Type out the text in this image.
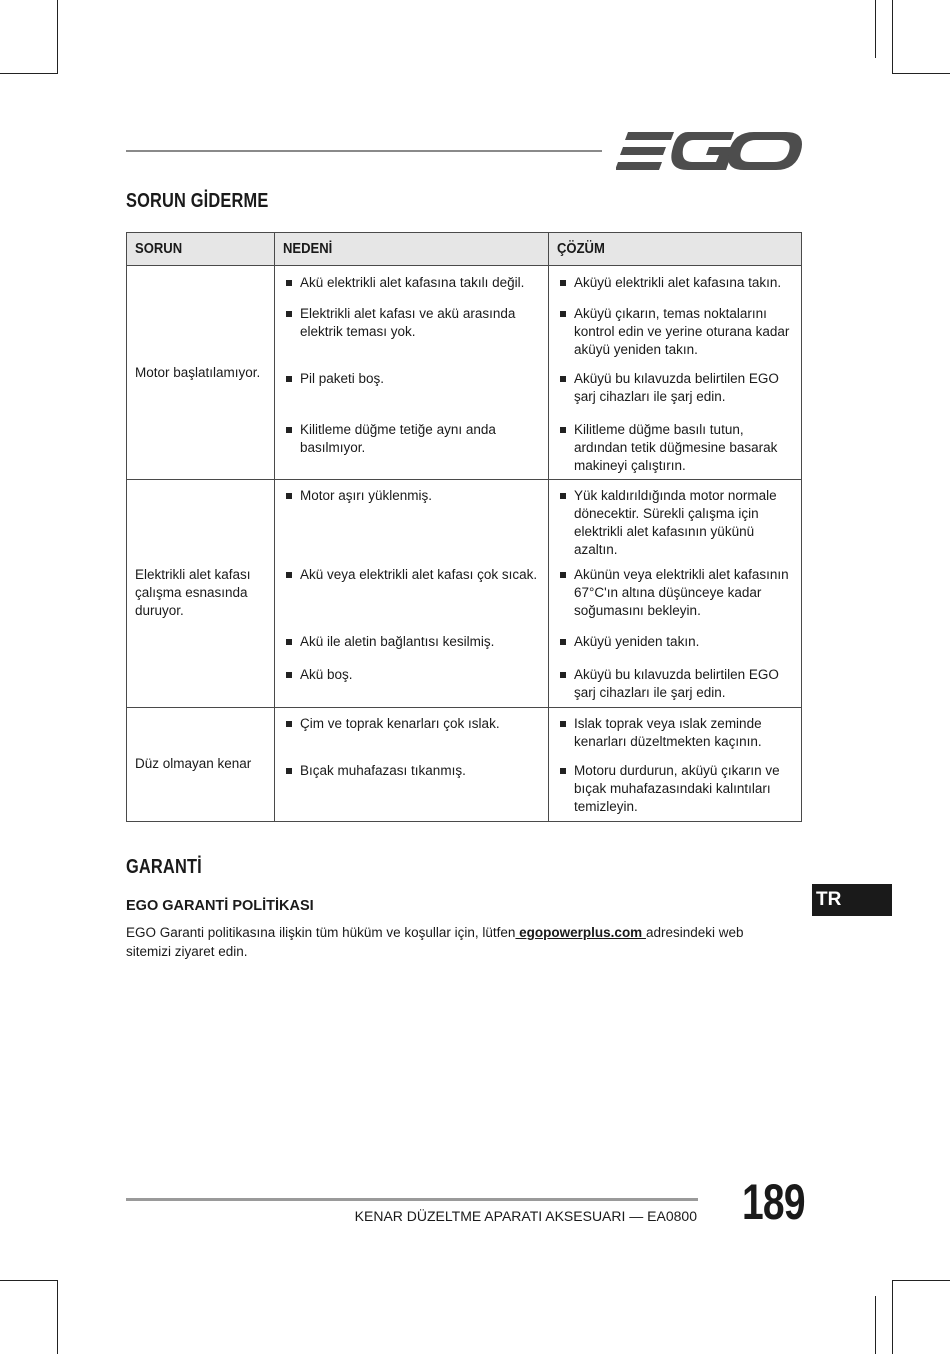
SORUN GİDERME
SORUN	NEDENİ	ÇÖZÜM
Motor başlatılamıyor.	Akü elektrikli alet kafasına takılı değil.	Aküyü elektrikli alet kafasına takın.

	Elektrikli alet kafası ve akü arasında elektrik teması yok.	Aküyü çıkarın, temas noktalarını kontrol edin ve yerine oturana kadar aküyü yeniden takın.

	Pil paketi boş.	Aküyü bu kılavuzda belirtilen EGO şarj cihazları ile şarj edin.

	Kilitleme düğme tetiğe aynı anda basılmıyor.	Kilitleme düğme basılı tutun, ardından tetik düğmesine basarak makineyi çalıştırın.

Elektrikli alet kafası çalışma esnasında duruyor.	Motor aşırı yüklenmiş.	Yük kaldırıldığında motor normale dönecektir. Sürekli çalışma için elektrikli alet kafasının yükünü azaltın.

	Akü veya elektrikli alet kafası çok sıcak.	Akünün veya elektrikli alet kafasının 67°C'ın altına düşünceye kadar soğumasını bekleyin.

	Akü ile aletin bağlantısı kesilmiş.	Aküyü yeniden takın.

	Akü boş.	Aküyü bu kılavuzda belirtilen EGO şarj cihazları ile şarj edin.

Düz olmayan kenar	Çim ve toprak kenarları çok ıslak.	Islak toprak veya ıslak zeminde kenarları düzeltmekten kaçının.

	Bıçak muhafazası tıkanmış.	Motoru durdurun, aküyü çıkarın ve bıçak muhafazasındaki kalıntıları temizleyin.
GARANTİ
EGO GARANTİ POLİTİKASI

EGO Garanti politikasına ilişkin tüm hüküm ve koşullar için, lütfen egopowerplus.com adresindeki web sitemizi ziyaret edin.

TR
KENAR DÜZELTME APARATI AKSESUARI — EA0800 189
